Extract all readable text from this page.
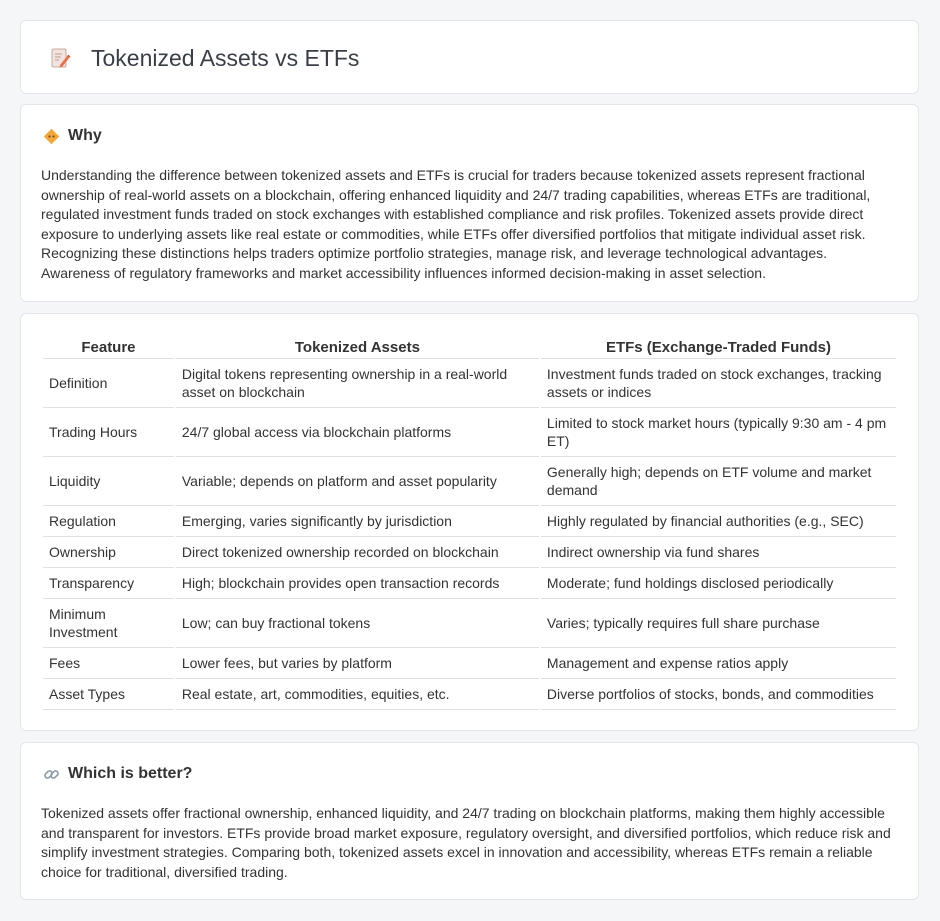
Tokenized Assets vs ETFs
Why

Understanding the difference between tokenized assets and ETFs is crucial for traders because tokenized assets represent fractional ownership of real-world assets on a blockchain, offering enhanced liquidity and 24/7 trading capabilities, whereas ETFs are traditional, regulated investment funds traded on stock exchanges with established compliance and risk profiles. Tokenized assets provide direct exposure to underlying assets like real estate or commodities, while ETFs offer diversified portfolios that mitigate individual asset risk. Recognizing these distinctions helps traders optimize portfolio strategies, manage risk, and leverage technological advantages. Awareness of regulatory frameworks and market accessibility influences informed decision-making in asset selection.

Feature	Tokenized Assets	ETFs (Exchange-Traded Funds)
Definition	Digital tokens representing ownership in a real-world asset on blockchain	Investment funds traded on stock exchanges, tracking assets or indices
Trading Hours	24/7 global access via blockchain platforms	Limited to stock market hours (typically 9:30 am - 4 pm ET)
Liquidity	Variable; depends on platform and asset popularity	Generally high; depends on ETF volume and market demand
Regulation	Emerging, varies significantly by jurisdiction	Highly regulated by financial authorities (e.g., SEC)
Ownership	Direct tokenized ownership recorded on blockchain	Indirect ownership via fund shares
Transparency	High; blockchain provides open transaction records	Moderate; fund holdings disclosed periodically
Minimum Investment	Low; can buy fractional tokens	Varies; typically requires full share purchase
Fees	Lower fees, but varies by platform	Management and expense ratios apply
Asset Types	Real estate, art, commodities, equities, etc.	Diverse portfolios of stocks, bonds, and commodities
Which is better?

Tokenized assets offer fractional ownership, enhanced liquidity, and 24/7 trading on blockchain platforms, making them highly accessible and transparent for investors. ETFs provide broad market exposure, regulatory oversight, and diversified portfolios, which reduce risk and simplify investment strategies. Comparing both, tokenized assets excel in innovation and accessibility, whereas ETFs remain a reliable choice for traditional, diversified trading.
